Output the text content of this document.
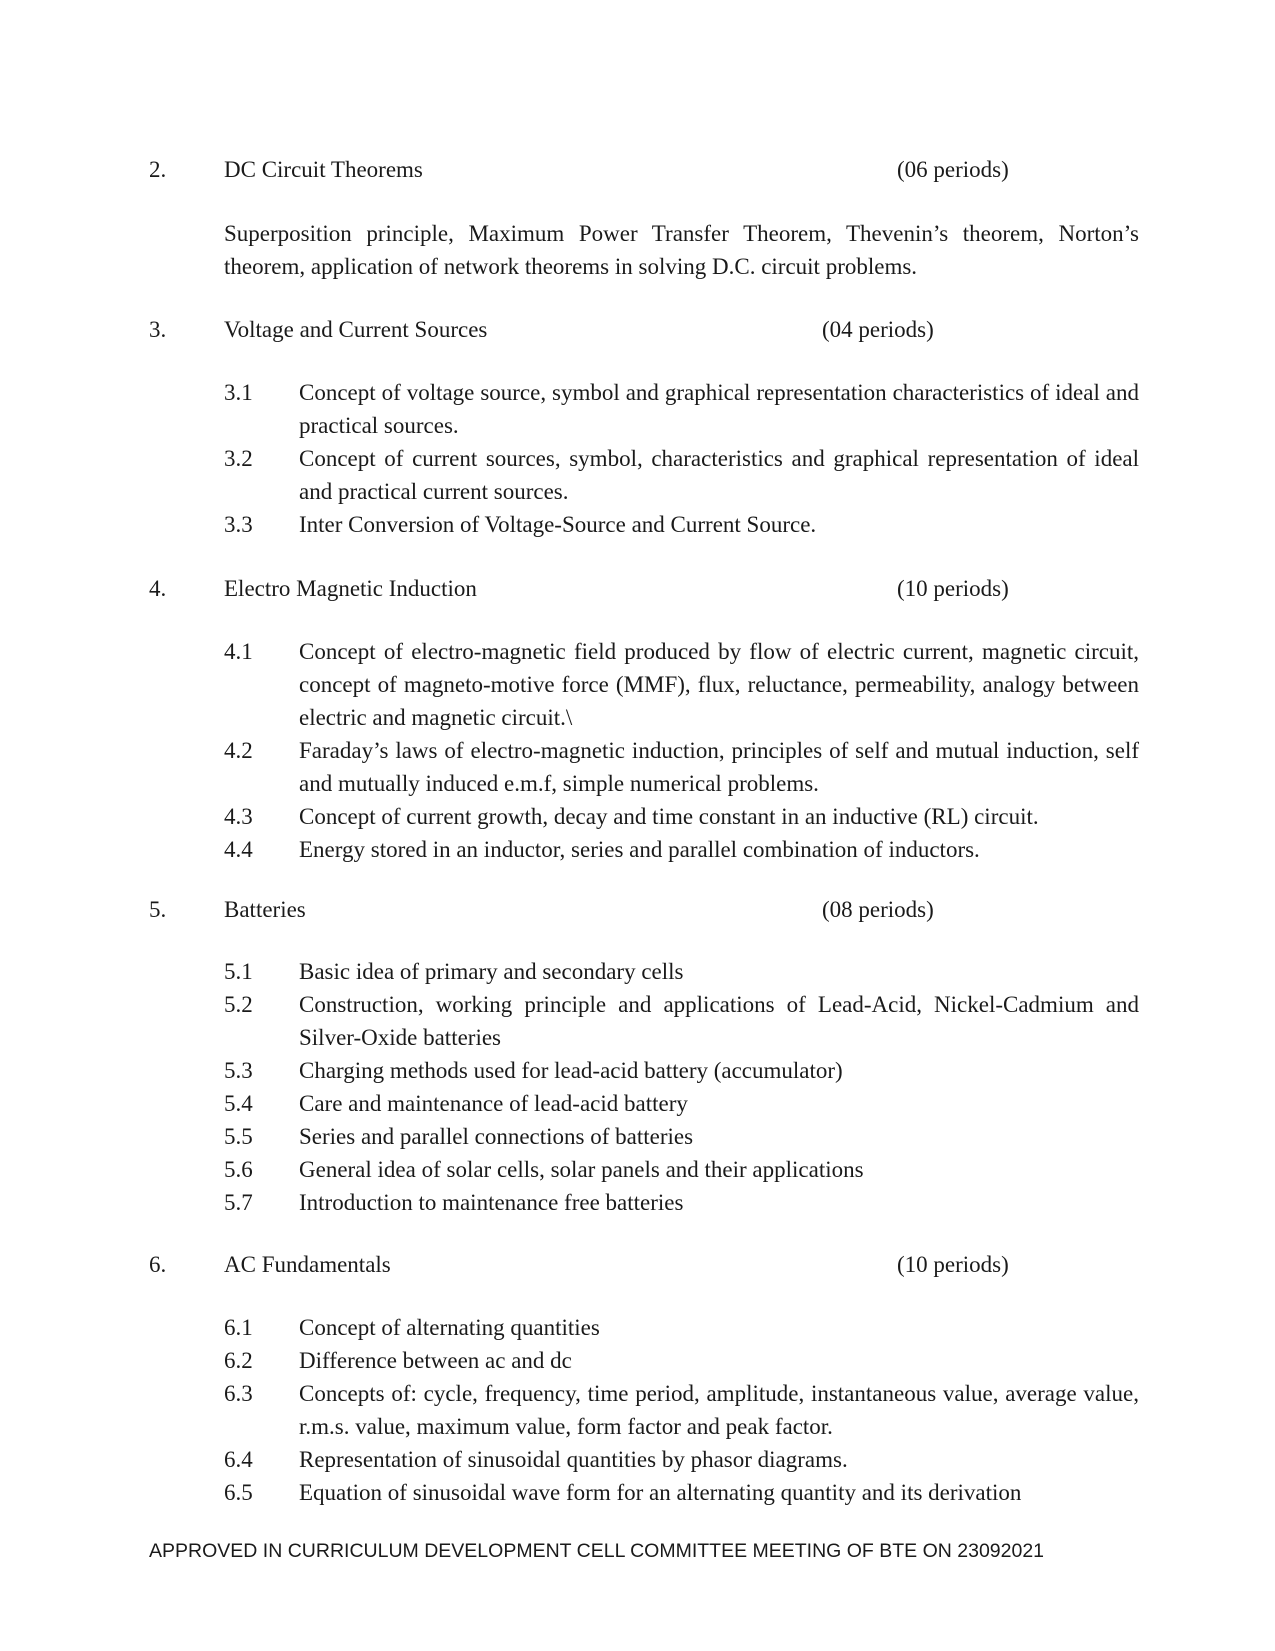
2.	DC Circuit Theorems	(06 periods)
Superposition principle, Maximum Power Transfer Theorem, Thevenin’s theorem, Norton’s theorem, application of network theorems in solving D.C. circuit problems.
3.	Voltage and Current Sources	(04 periods)
3.1 Concept of voltage source, symbol and graphical representation characteristics of ideal and practical sources.
3.2 Concept of current sources, symbol, characteristics and graphical representation of ideal and practical current sources.
3.3 Inter Conversion of Voltage-Source and Current Source.
4.	Electro Magnetic Induction	(10 periods)
4.1 Concept of electro-magnetic field produced by flow of electric current, magnetic circuit, concept of magneto-motive force (MMF), flux, reluctance, permeability, analogy between electric and magnetic circuit.\
4.2 Faraday’s laws of electro-magnetic induction, principles of self and mutual induction, self and mutually induced e.m.f, simple numerical problems.
4.3 Concept of current growth, decay and time constant in an inductive (RL) circuit.
4.4 Energy stored in an inductor, series and parallel combination of inductors.
5.	Batteries	(08 periods)
5.1 Basic idea of primary and secondary cells
5.2 Construction, working principle and applications of Lead-Acid, Nickel-Cadmium and Silver-Oxide batteries
5.3 Charging methods used for lead-acid battery (accumulator)
5.4 Care and maintenance of lead-acid battery
5.5 Series and parallel connections of batteries
5.6 General idea of solar cells, solar panels and their applications
5.7 Introduction to maintenance free batteries
6.	AC Fundamentals	(10 periods)
6.1 Concept of alternating quantities
6.2 Difference between ac and dc
6.3 Concepts of: cycle, frequency, time period, amplitude, instantaneous value, average value, r.m.s. value, maximum value, form factor and peak factor.
6.4 Representation of sinusoidal quantities by phasor diagrams.
6.5 Equation of sinusoidal wave form for an alternating quantity and its derivation
APPROVED IN CURRICULUM DEVELOPMENT CELL COMMITTEE MEETING OF BTE ON 23092021
